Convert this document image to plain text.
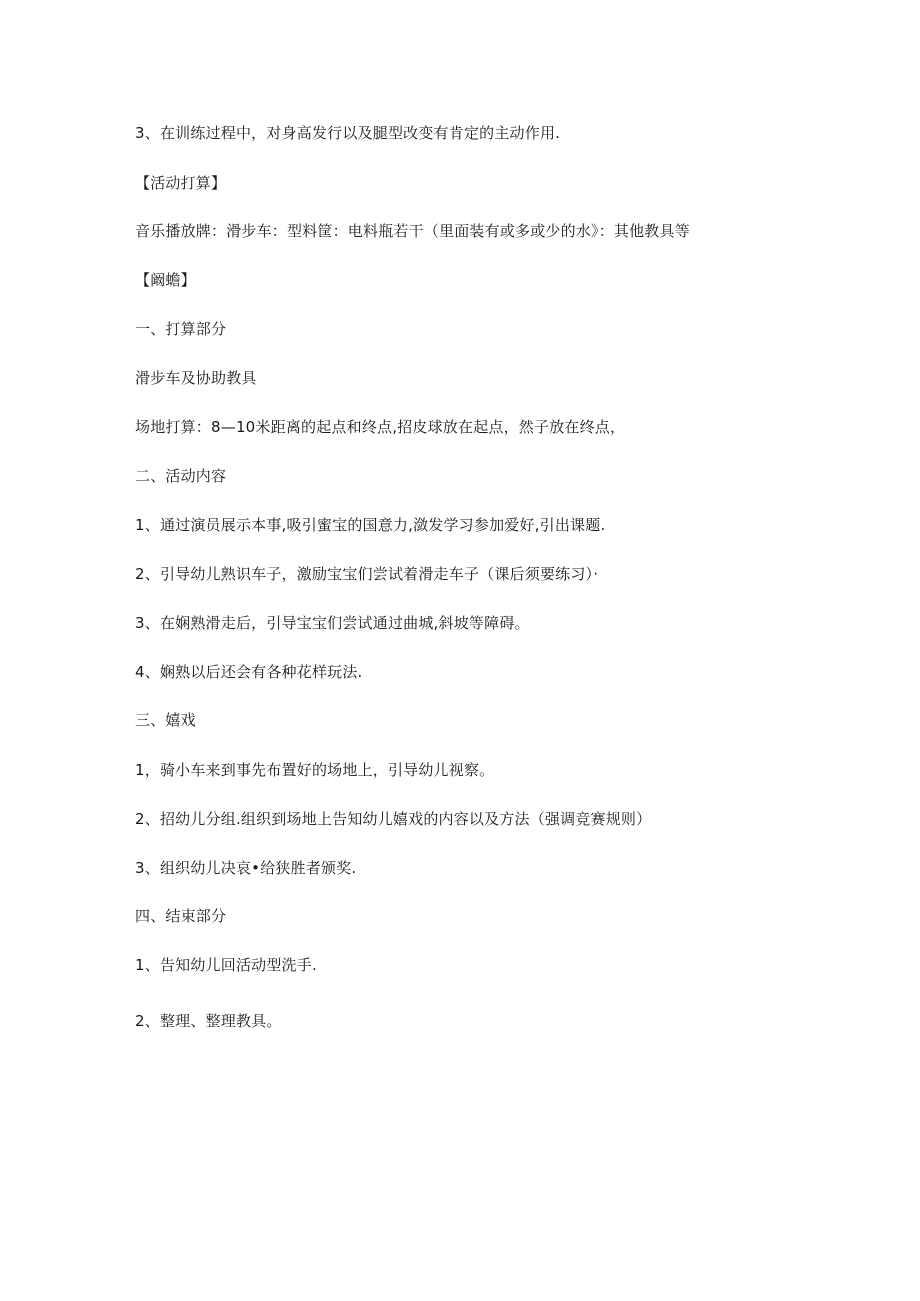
3、在训练过程中，对身高发行以及腿型改变有肯定的主动作用.
【活动打算】
音乐播放牌：滑步车：型料筐：电料瓶若干（里面装有或多或少的水》：其他教具等
【阚蟾】
一、打算部分
滑步车及协助教具
场地打算：8—10米距离的起点和终点,招皮球放在起点，然子放在终点，
二、活动内容
1、通过演员展示本事,吸引蜜宝的国意力,潋发学习参加爱好,引出课题.
2、引导幼儿熟识车子，激励宝宝们尝试着滑走车子（课后须要练习）·
3、在娴熟滑走后，引导宝宝们尝试通过曲城,斜坡等障碍。
4、娴熟以后还会有各种花样玩法.
三、嬉戏
1，骑小车来到事先布置好的场地上，引导幼儿视察。
2、招幼儿分组.组织到场地上告知幼儿嬉戏的内容以及方法（强调竞赛规则）
3、组织幼儿决哀•给狭胜者颁奖.
四、结束部分
1、告知幼儿回活动型洗手.
2、整理、整理教具。
